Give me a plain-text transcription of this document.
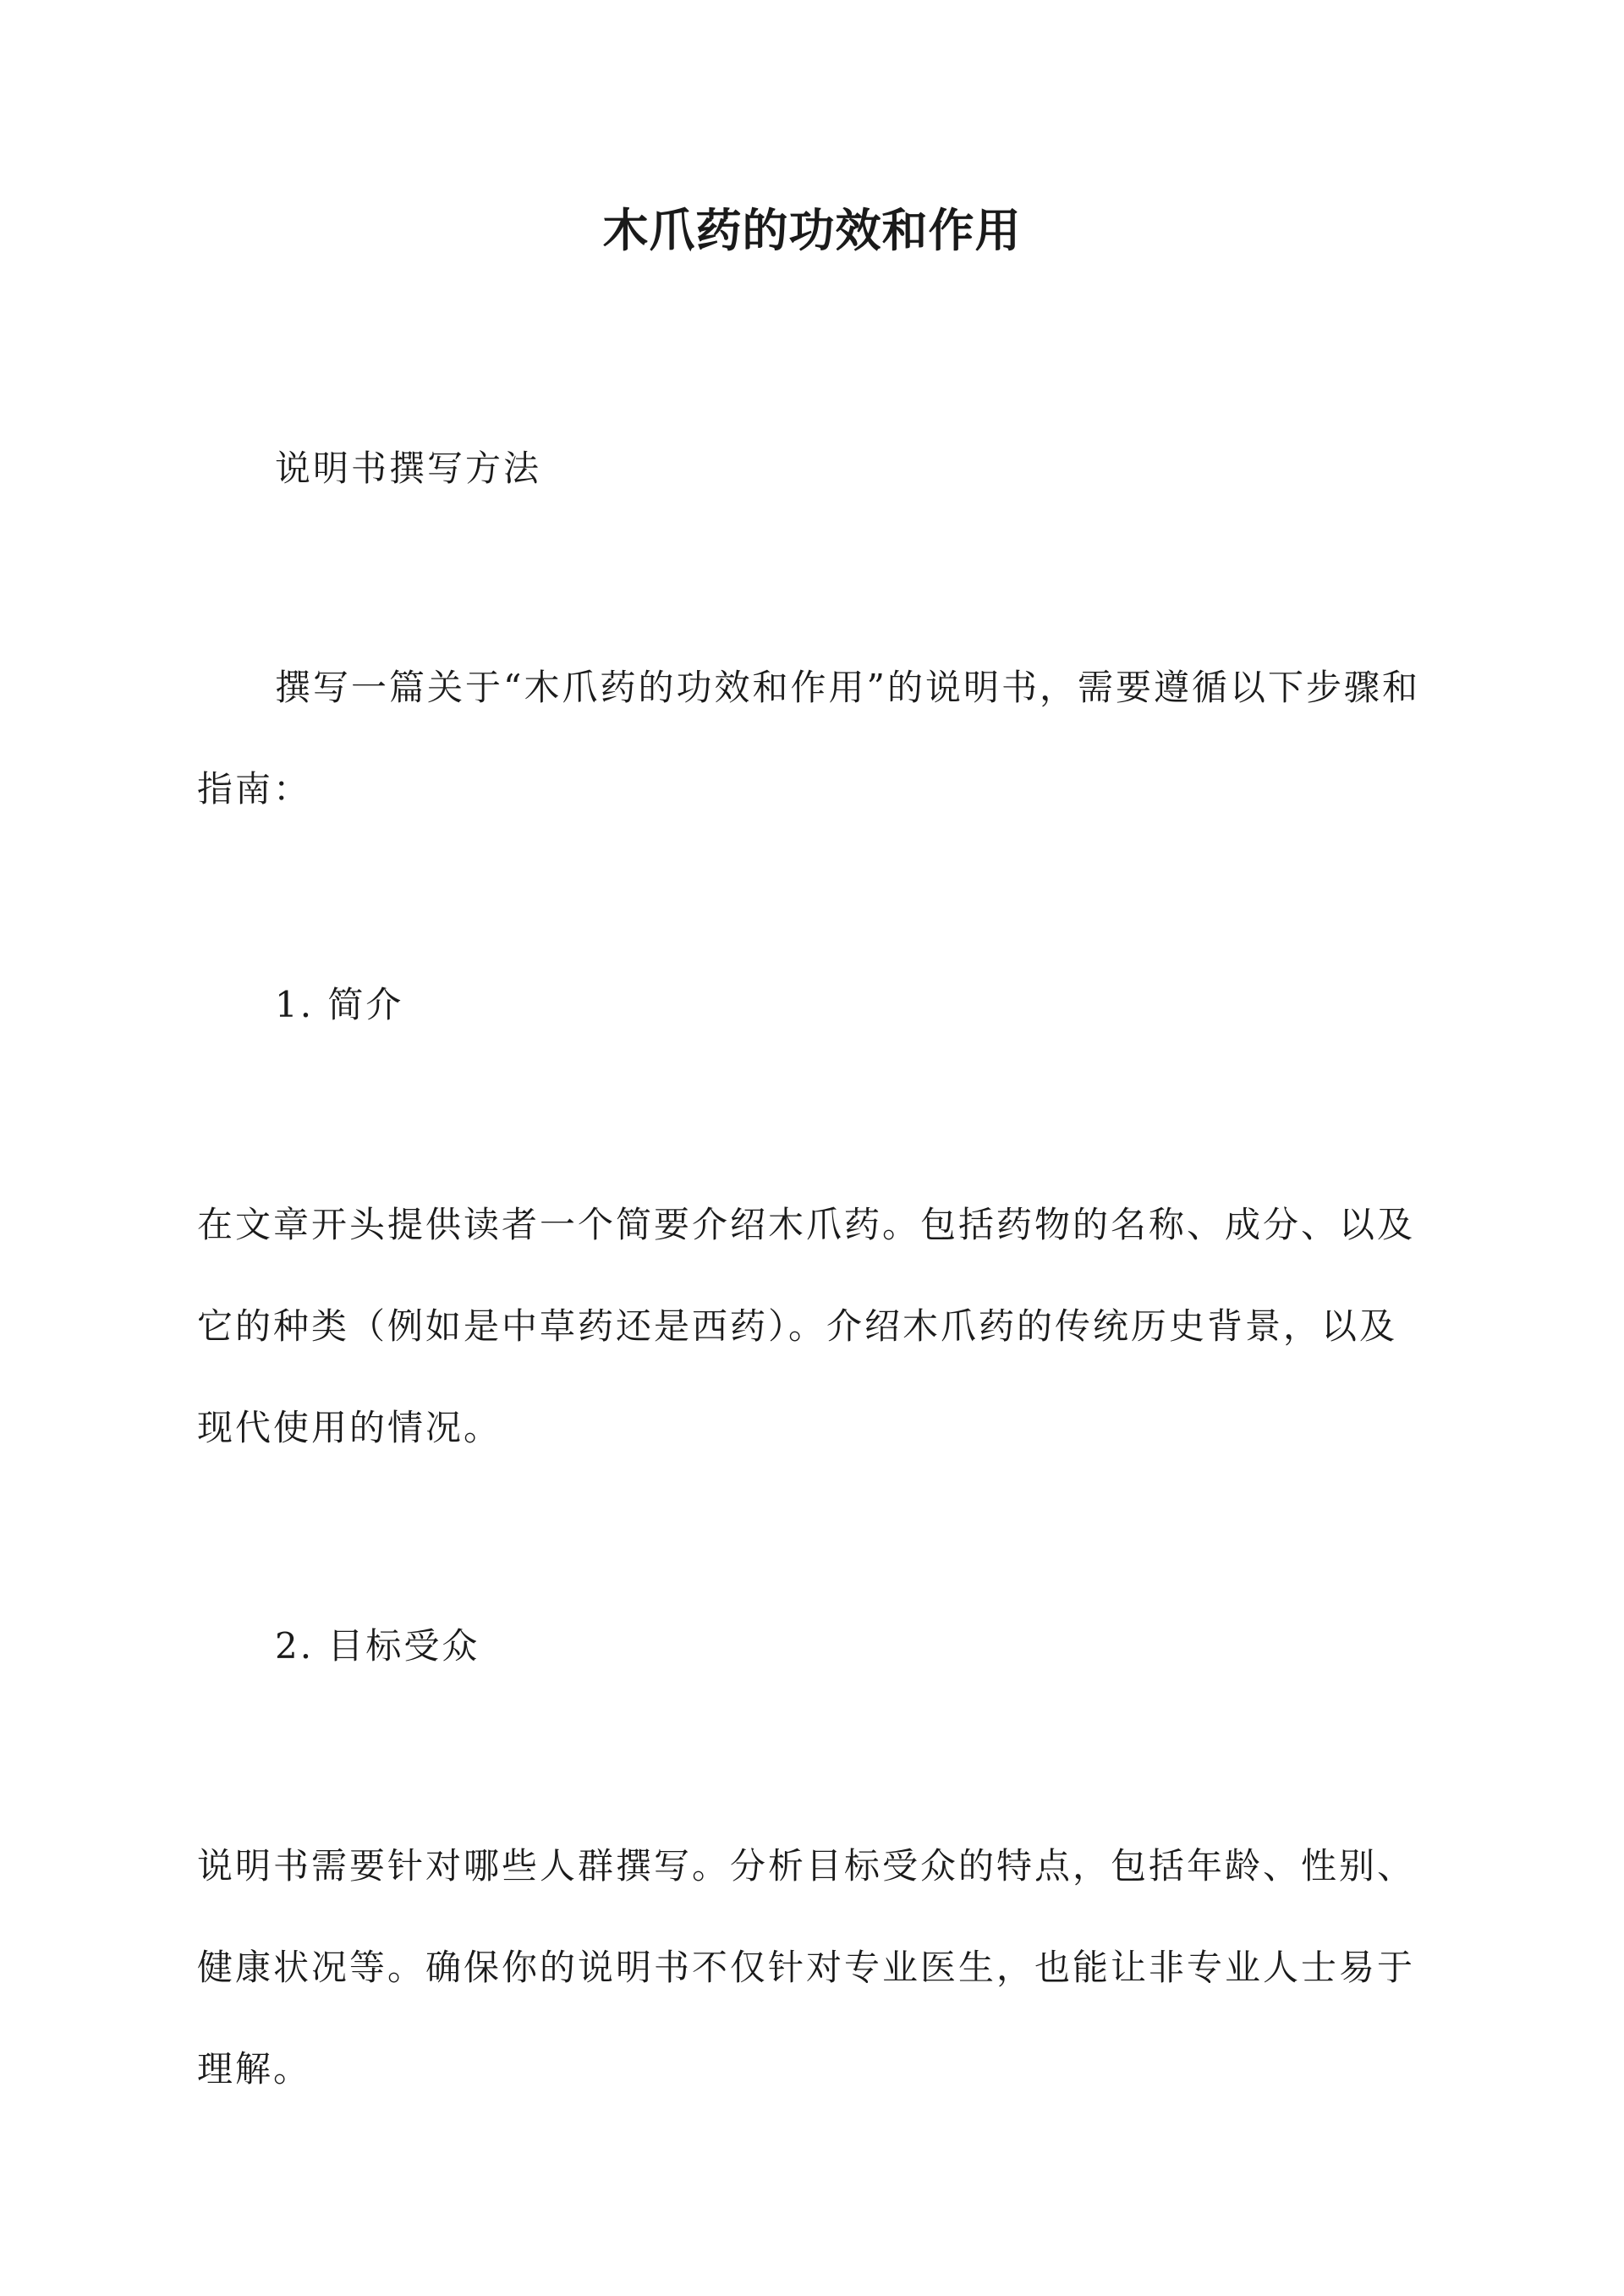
木爪药的功效和作用

说明书撰写方法

撰写一篇关于“木爪药的功效和作用”的说明书，需要遵循以下步骤和指南：

1. 简介

在文章开头提供读者一个简要介绍木爪药。包括药物的名称、成分、以及它的种类（例如是中草药还是西药）。介绍木爪药的传统历史背景，以及现代使用的情况。

2. 目标受众

说明书需要针对哪些人群撰写。分析目标受众的特点，包括年龄、性别、健康状况等。确保你的说明书不仅针对专业医生，也能让非专业人士易于理解。
